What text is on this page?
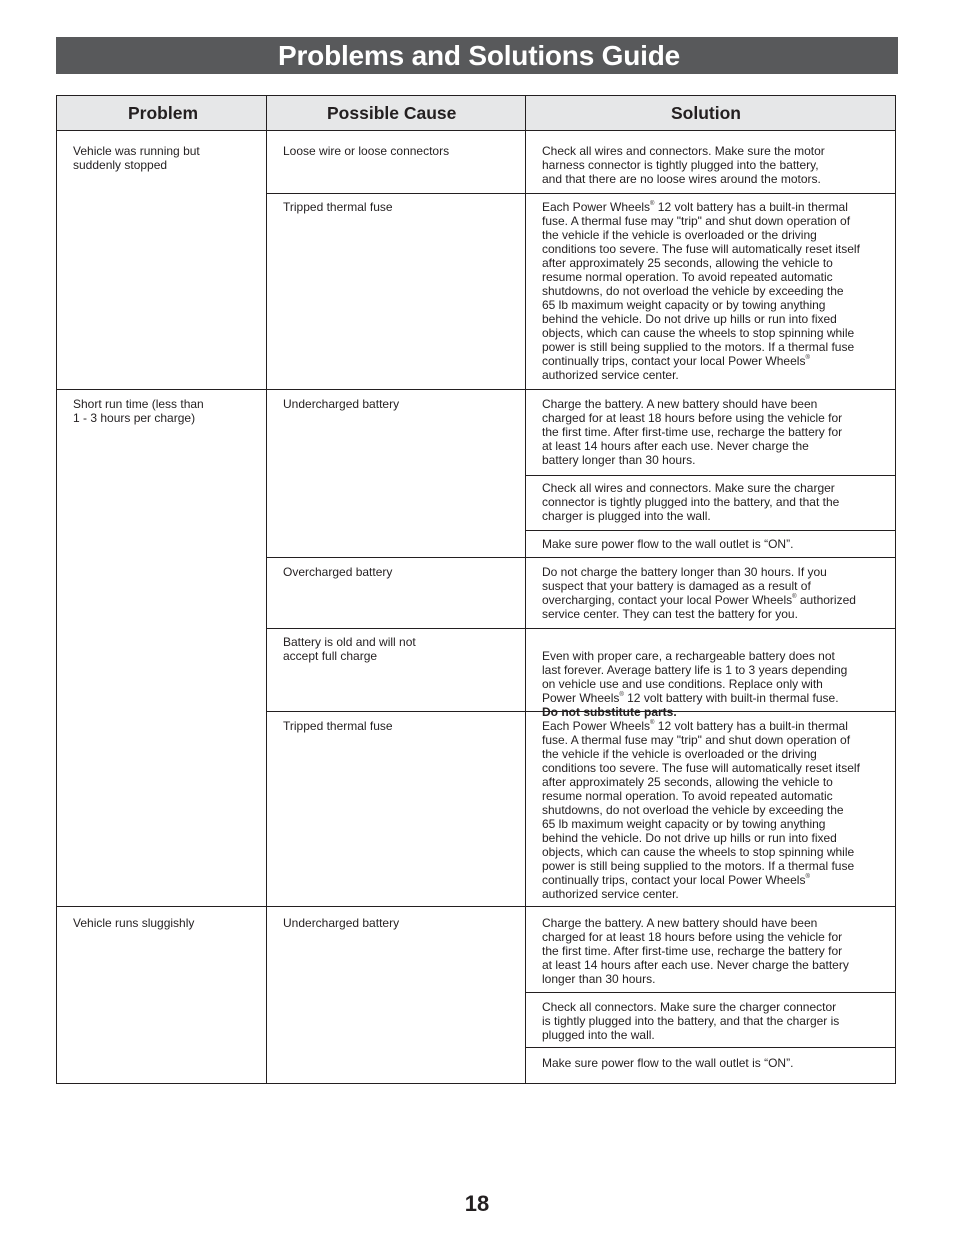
Problems and Solutions Guide
Problem	Possible Cause	Solution
Vehicle was running but
suddenly stopped
Short run time (less than
1 - 3 hours per charge)
Vehicle runs sluggishly
Loose wire or loose connectors
Tripped thermal fuse
Undercharged battery
Overcharged battery
Battery is old and will not
accept full charge
Tripped thermal fuse
Undercharged battery
Check all wires and connectors. Make sure the motor
harness connector is tightly plugged into the battery,
and that there are no loose wires around the motors.
Each Power Wheels® 12 volt battery has a built-in thermal
fuse. A thermal fuse may "trip" and shut down operation of
the vehicle if the vehicle is overloaded or the driving
conditions too severe. The fuse will automatically reset itself
after approximately 25 seconds, allowing the vehicle to
resume normal operation. To avoid repeated automatic
shutdowns, do not overload the vehicle by exceeding the
65 lb maximum weight capacity or by towing anything
behind the vehicle. Do not drive up hills or run into fixed
objects, which can cause the wheels to stop spinning while
power is still being supplied to the motors. If a thermal fuse
continually trips, contact your local Power Wheels®
authorized service center.
Charge the battery. A new battery should have been
charged for at least 18 hours before using the vehicle for
the first time. After first-time use, recharge the battery for
at least 14 hours after each use. Never charge the
battery longer than 30 hours.
Check all wires and connectors. Make sure the charger
connector is tightly plugged into the battery, and that the
charger is plugged into the wall.
Make sure power flow to the wall outlet is “ON”.
Do not charge the battery longer than 30 hours. If you
suspect that your battery is damaged as a result of
overcharging, contact your local Power Wheels® authorized
service center. They can test the battery for you.

Even with proper care, a rechargeable battery does not
last forever. Average battery life is 1 to 3 years depending
on vehicle use and use conditions. Replace only with
Power Wheels® 12 volt battery with built-in thermal fuse.
Do not substitute parts.

Each Power Wheels® 12 volt battery has a built-in thermal
fuse. A thermal fuse may "trip" and shut down operation of
the vehicle if the vehicle is overloaded or the driving
conditions too severe. The fuse will automatically reset itself
after approximately 25 seconds, allowing the vehicle to
resume normal operation. To avoid repeated automatic
shutdowns, do not overload the vehicle by exceeding the
65 lb maximum weight capacity or by towing anything
behind the vehicle. Do not drive up hills or run into fixed
objects, which can cause the wheels to stop spinning while
power is still being supplied to the motors. If a thermal fuse
continually trips, contact your local Power Wheels®
authorized service center.
Charge the battery. A new battery should have been
charged for at least 18 hours before using the vehicle for
the first time. After first-time use, recharge the battery for
at least 14 hours after each use. Never charge the battery
longer than 30 hours.
Check all connectors. Make sure the charger connector
is tightly plugged into the battery, and that the charger is
plugged into the wall.
Make sure power flow to the wall outlet is “ON”.
18
